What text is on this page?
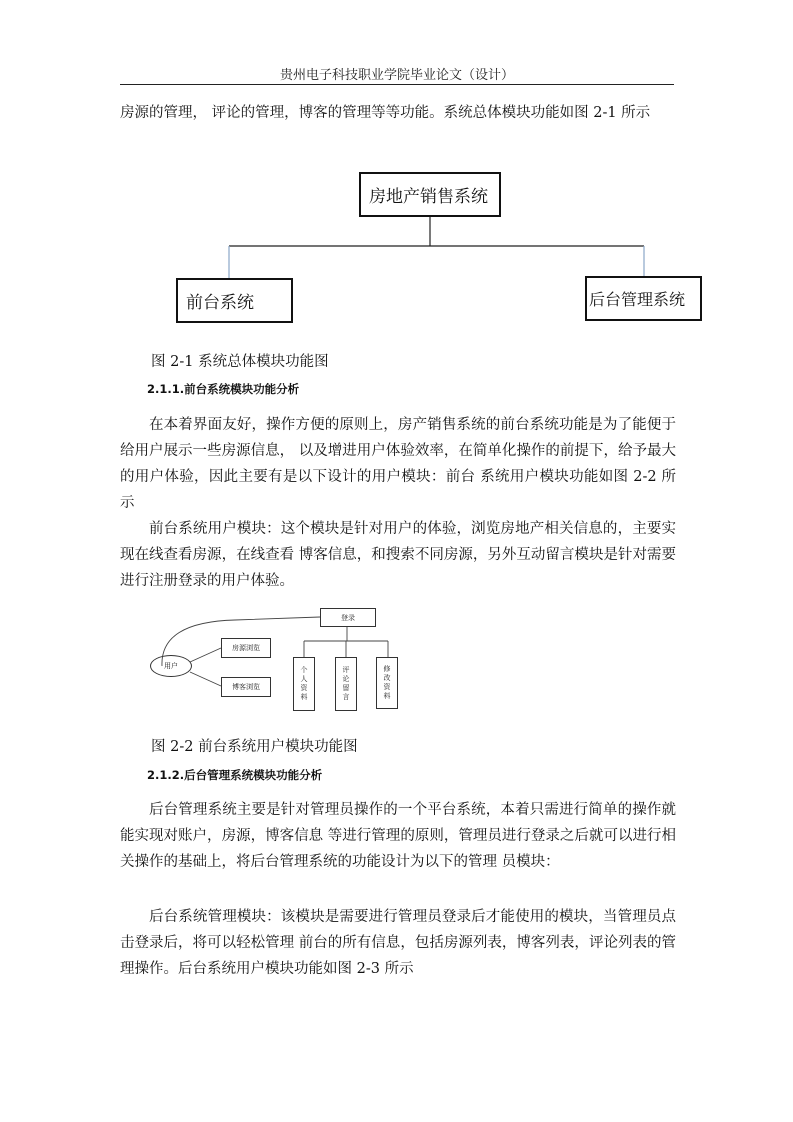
贵州电子科技职业学院毕业论文（设计）
房源的管理， 评论的管理，博客的管理等等功能。系统总体模块功能如图 2-1 所示
房地产销售系统
前台系统	后台管理系统
图 2-1 系统总体模块功能图
2.1.1.前台系统模块功能分析
在本着界面友好，操作方便的原则上，房产销售系统的前台系统功能是为了能便于给用户展示一些房源信息， 以及增进用户体验效率，在简单化操作的前提下，给予最大的用户体验，因此主要有是以下设计的用户模块：前台 系统用户模块功能如图 2-2 所示
前台系统用户模块：这个模块是针对用户的体验，浏览房地产相关信息的，主要实现在线查看房源，在线查看 博客信息，和搜索不同房源，另外互动留言模块是针对需要进行注册登录的用户体验。
用户
登录
房源浏览
博客浏览	个人资料	评论留言	修改资料
图 2-2 前台系统用户模块功能图
2.1.2.后台管理系统模块功能分析
后台管理系统主要是针对管理员操作的一个平台系统，本着只需进行简单的操作就能实现对账户，房源，博客信息 等进行管理的原则，管理员进行登录之后就可以进行相关操作的基础上，将后台管理系统的功能设计为以下的管理 员模块：
后台系统管理模块：该模块是需要进行管理员登录后才能使用的模块，当管理员点击登录后，将可以轻松管理 前台的所有信息，包括房源列表，博客列表，评论列表的管理操作。后台系统用户模块功能如图 2-3 所示
